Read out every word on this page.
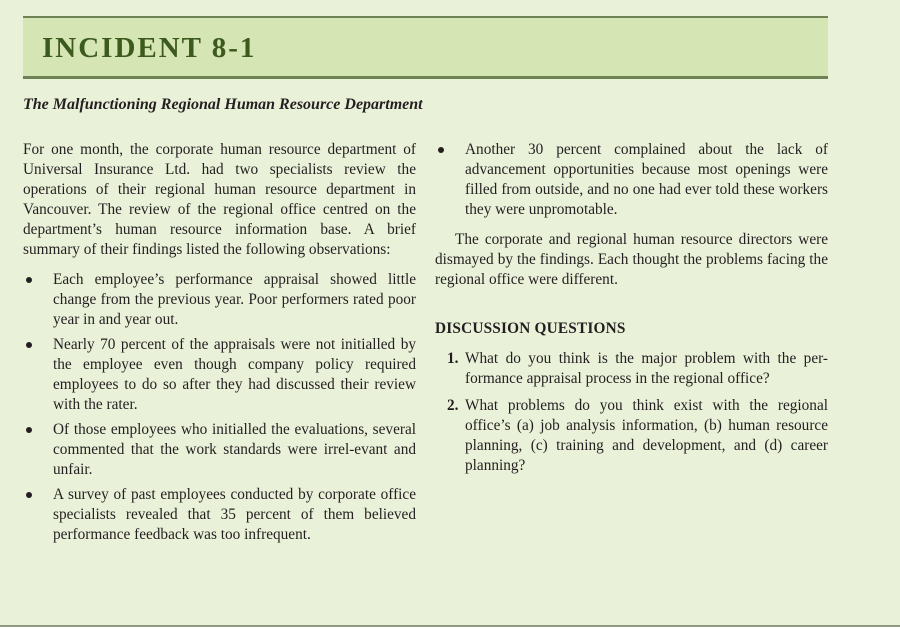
INCIDENT 8-1
The Malfunctioning Regional Human Resource Department

For one month, the corporate human resource department of Universal Insurance Ltd. had two specialists review the operations of their regional human resource department in Vancouver. The review of the regional office centred on the department’s human resource information base. A brief summary of their findings listed the following observations:

Each employee’s performance appraisal showed little change from the previous year. Poor performers rated poor year in and year out.
Nearly 70 percent of the appraisals were not initialled by the employee even though company policy required employees to do so after they had discussed their review with the rater.
Of those employees who initialled the evaluations, several commented that the work standards were irrel-evant and unfair.
A survey of past employees conducted by corporate office specialists revealed that 35 percent of them believed performance feedback was too infrequent.
Another 30 percent complained about the lack of advancement opportunities because most openings were filled from outside, and no one had ever told these workers they were unpromotable.

The corporate and regional human resource directors were dismayed by the findings. Each thought the problems facing the regional office were different.

DISCUSSION QUESTIONS
1. What do you think is the major problem with the per-formance appraisal process in the regional office?
2. What problems do you think exist with the regional office’s (a) job analysis information, (b) human resource planning, (c) training and development, and (d) career planning?
